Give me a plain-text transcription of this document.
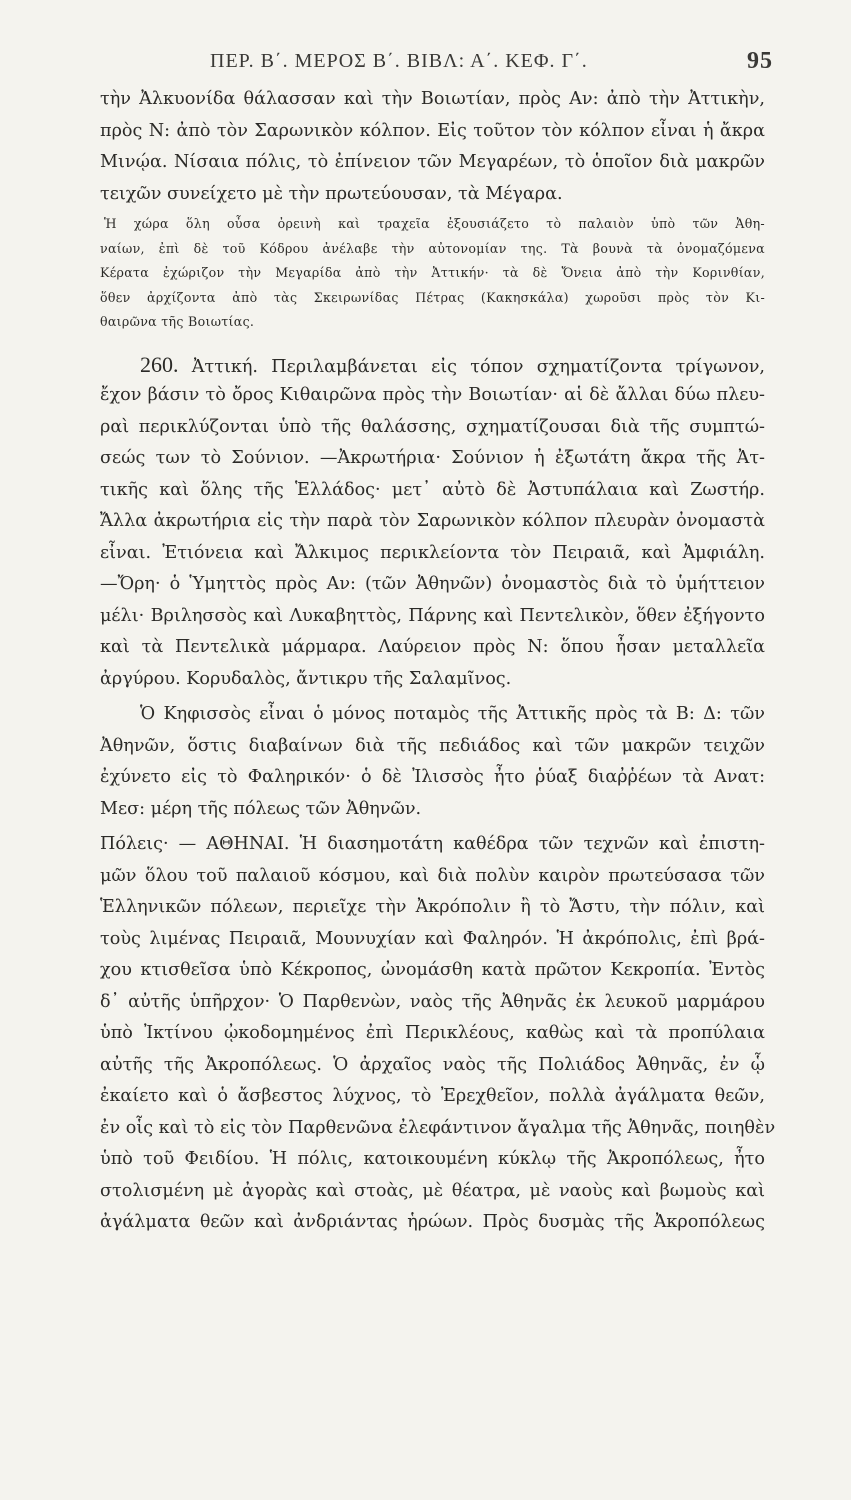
ΠΕΡ. Β΄. ΜΕΡΟΣ Β΄. ΒΙΒΛ: Α΄. ΚΕΦ. Γ΄.	95
τὴν Ἀλκυονίδα θάλασσαν καὶ τὴν Βοιωτίαν, πρὸς Αν: ἀπὸ τὴν Ἀττικὴν,
πρὸς Ν: ἀπὸ τὸν Σαρωνικὸν κόλπον. Εἰς τοῦτον τὸν κόλπον εἶναι ἡ ἄκρα
Μινῴα. Νίσαια πόλις, τὸ ἐπίνειον τῶν Μεγαρέων, τὸ ὁποῖον διὰ μακρῶν
τειχῶν συνείχετο μὲ τὴν πρωτεύουσαν, τὰ Μέγαρα.
Ἡ χώρα ὅλη οὖσα ὀρεινὴ καὶ τραχεῖα ἐξουσιάζετο τὸ παλαιὸν ὑπὸ τῶν Ἀθη-
ναίων, ἐπὶ δὲ τοῦ Κόδρου ἀνέλαβε τὴν αὐτονομίαν της. Τὰ βουνὰ τὰ ὀνομαζόμενα
Κέρατα ἐχώριζον τὴν Μεγαρίδα ἀπὸ τὴν Ἀττικήν· τὰ δὲ Ὄνεια ἀπὸ τὴν Κορινθίαν,
ὅθεν ἀρχίζοντα ἀπὸ τὰς Σκειρωνίδας Πέτρας (Κακησκάλα) χωροῦσι πρὸς τὸν Κι-
θαιρῶνα τῆς Βοιωτίας.
260. Ἀττική. Περιλαμβάνεται εἰς τόπον σχηματίζοντα τρίγωνον,
ἔχον βάσιν τὸ ὄρος Κιθαιρῶνα πρὸς τὴν Βοιωτίαν· αἱ δὲ ἄλλαι δύω πλευ-
ραὶ περικλύζονται ὑπὸ τῆς θαλάσσης, σχηματίζουσαι διὰ τῆς συμπτώ-
σεώς των τὸ Σούνιον. —Ἀκρωτήρια· Σούνιον ἡ ἐξωτάτη ἄκρα τῆς Ἀτ-
τικῆς καὶ ὅλης τῆς Ἑλλάδος· μετ᾽ αὐτὸ δὲ Ἀστυπάλαια καὶ Ζωστήρ.
Ἄλλα ἀκρωτήρια εἰς τὴν παρὰ τὸν Σαρωνικὸν κόλπον πλευρὰν ὀνομαστὰ
εἶναι. Ἐτιόνεια καὶ Ἄλκιμος περικλείοντα τὸν Πειραιᾶ, καὶ Ἀμφιάλη.
—Ὄρη· ὁ Ὑμηττὸς πρὸς Αν: (τῶν Ἀθηνῶν) ὀνομαστὸς διὰ τὸ ὑμήττειον
μέλι· Βριλησσὸς καὶ Λυκαβηττὸς, Πάρνης καὶ Πεντελικὸν, ὅθεν ἐξήγοντο
καὶ τὰ Πεντελικὰ μάρμαρα. Λαύρειον πρὸς Ν: ὅπου ἦσαν μεταλλεῖα
ἀργύρου. Κορυδαλὸς, ἄντικρυ τῆς Σαλαμῖνος.
Ὁ Κηφισσὸς εἶναι ὁ μόνος ποταμὸς τῆς Ἀττικῆς πρὸς τὰ Β: Δ: τῶν
Ἀθηνῶν, ὅστις διαβαίνων διὰ τῆς πεδιάδος καὶ τῶν μακρῶν τειχῶν
ἐχύνετο εἰς τὸ Φαληρικόν· ὁ δὲ Ἰλισσὸς ἦτο ῥύαξ διαῤῥέων τὰ Ανατ:
Μεσ: μέρη τῆς πόλεως τῶν Ἀθηνῶν.
Πόλεις· — ΑΘΗΝΑΙ. Ἡ διασημοτάτη καθέδρα τῶν τεχνῶν καὶ ἐπιστη-
μῶν ὅλου τοῦ παλαιοῦ κόσμου, καὶ διὰ πολὺν καιρὸν πρωτεύσασα τῶν
Ἑλληνικῶν πόλεων, περιεῖχε τὴν Ἀκρόπολιν ἢ τὸ Ἄστυ, τὴν πόλιν, καὶ
τοὺς λιμένας Πειραιᾶ, Μουνυχίαν καὶ Φαληρόν. Ἡ ἀκρόπολις, ἐπὶ βρά-
χου κτισθεῖσα ὑπὸ Κέκροπος, ὠνομάσθη κατὰ πρῶτον Κεκροπία. Ἐντὸς
δ᾽ αὐτῆς ὑπῆρχον· Ὁ Παρθενὼν, ναὸς τῆς Ἀθηνᾶς ἐκ λευκοῦ μαρμάρου
ὑπὸ Ἰκτίνου ᾠκοδομημένος ἐπὶ Περικλέους, καθὼς καὶ τὰ προπύλαια
αὐτῆς τῆς Ἀκροπόλεως. Ὁ ἀρχαῖος ναὸς τῆς Πολιάδος Ἀθηνᾶς, ἐν ᾧ
ἐκαίετο καὶ ὁ ἄσβεστος λύχνος, τὸ Ἐρεχθεῖον, πολλὰ ἀγάλματα θεῶν,
ἐν οἷς καὶ τὸ εἰς τὸν Παρθενῶνα ἐλεφάντινον ἄγαλμα τῆς Ἀθηνᾶς, ποιηθὲν
ὑπὸ τοῦ Φειδίου. Ἡ πόλις, κατοικουμένη κύκλῳ τῆς Ἀκροπόλεως, ἦτο
στολισμένη μὲ ἀγορὰς καὶ στοὰς, μὲ θέατρα, μὲ ναοὺς καὶ βωμοὺς καὶ
ἀγάλματα θεῶν καὶ ἀνδριάντας ἡρώων. Πρὸς δυσμὰς τῆς Ἀκροπόλεως
